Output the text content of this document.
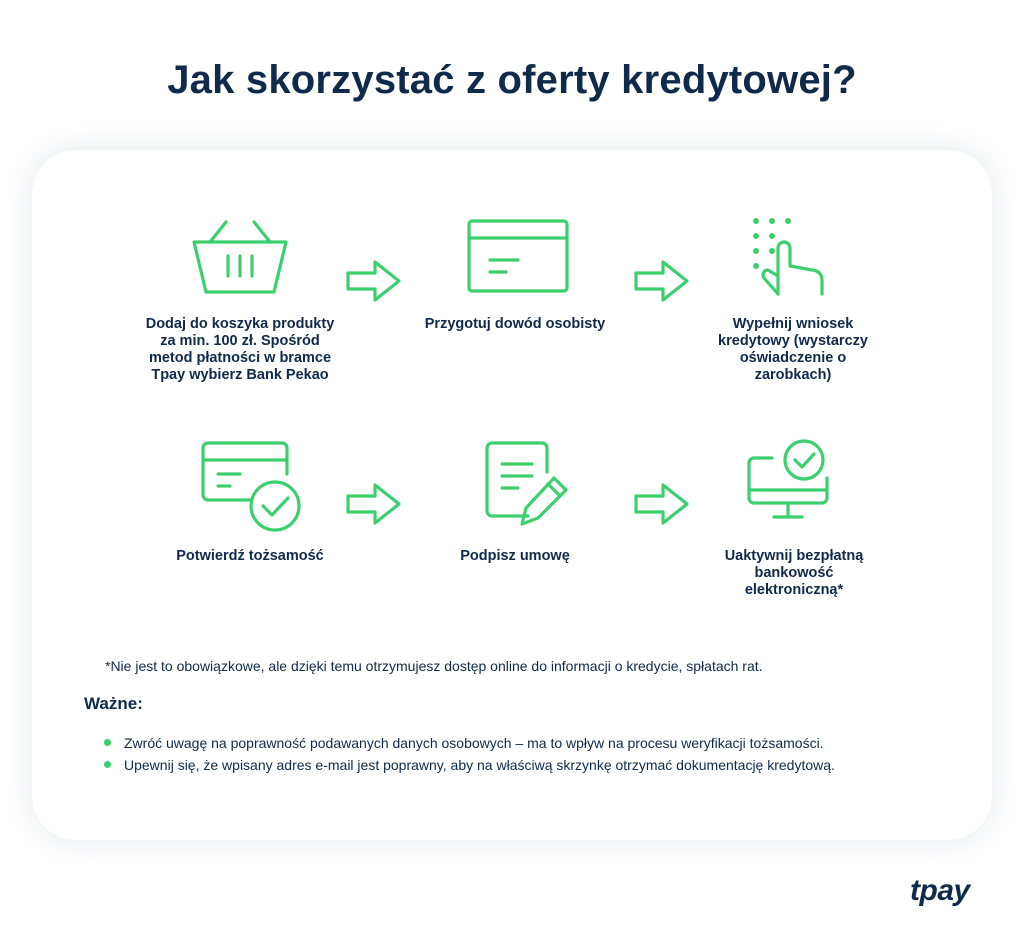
Jak skorzystać z oferty kredytowej?

Dodaj do koszyka produkty za min. 100 zł. Spośród metod płatności w bramce Tpay wybierz Bank Pekao

Przygotuj dowód osobisty	Wypełnij wniosek kredytowy (wystarczy oświadczenie o zarobkach)

Potwierdź tożsamość	Podpisz umowę	Uaktywnij bezpłatną bankowość elektroniczną*

*Nie jest to obowiązkowe, ale dzięki temu otrzymujesz dostęp online do informacji o kredycie, spłatach rat.

Ważne:
Zwróć uwagę na poprawność podawanych danych osobowych – ma to wpływ na procesu weryfikacji tożsamości.
Upewnij się, że wpisany adres e-mail jest poprawny, aby na właściwą skrzynkę otrzymać dokumentację kredytową.

tpay
